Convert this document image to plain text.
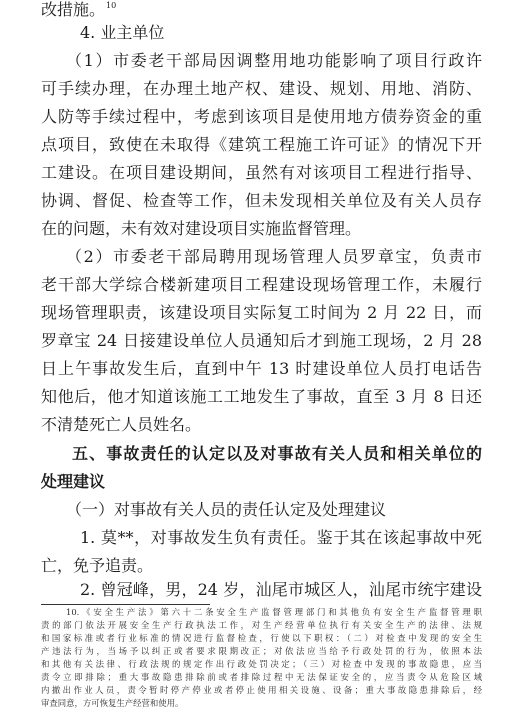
改措施。$^{10}$

4. 业主单位

（1）市委老干部局因调整用地功能影响了项目行政许

可手续办理，在办理土地产权、建设、规划、用地、消防、

人防等手续过程中，考虑到该项目是使用地方债券资金的重

点项目，致使在未取得《建筑工程施工许可证》的情况下开

工建设。在项目建设期间，虽然有对该项目工程进行指导、

协调、督促、检查等工作，但未发现相关单位及有关人员存

在的问题，未有效对建设项目实施监督管理。

（2）市委老干部局聘用现场管理人员罗章宝，负责市

老干部大学综合楼新建项目工程建设现场管理工作，未履行

现场管理职责，该建设项目实际复工时间为 2 月 22 日，而

罗章宝 24 日接建设单位人员通知后才到施工现场，2 月 28

日上午事故发生后，直到中午 13 时建设单位人员打电话告

知他后，他才知道该施工工地发生了事故，直至 3 月 8 日还

不清楚死亡人员姓名。

五、事故责任的认定以及对事故有关人员和相关单位的

处理建议

（一）对事故有关人员的责任认定及处理建议

1. 莫**，对事故发生负有责任。鉴于其在该起事故中死

亡，免予追责。

2. 曾冠峰，男，24 岁，汕尾市城区人，汕尾市统宇建设

10.《安全生产法》第六十二条安全生产监督管理部门和其他负有安全生产监督管理职

责的部门依法开展安全生产行政执法工作，对生产经营单位执行有关安全生产的法律、法规

和国家标准或者行业标准的情况进行监督检查，行使以下职权：（二）对检查中发现的安全生

产违法行为，当场予以纠正或者要求限期改正；对依法应当给予行政处罚的行为，依照本法

和其他有关法律、行政法规的规定作出行政处罚决定；（三）对检查中发现的事故隐患，应当

责令立即排除；重大事故隐患排除前或者排除过程中无法保证安全的，应当责令从危险区域

内撤出作业人员，责令暂时停产停业或者停止使用相关设施、设备；重大事故隐患排除后，经

审查同意，方可恢复生产经营和使用。
